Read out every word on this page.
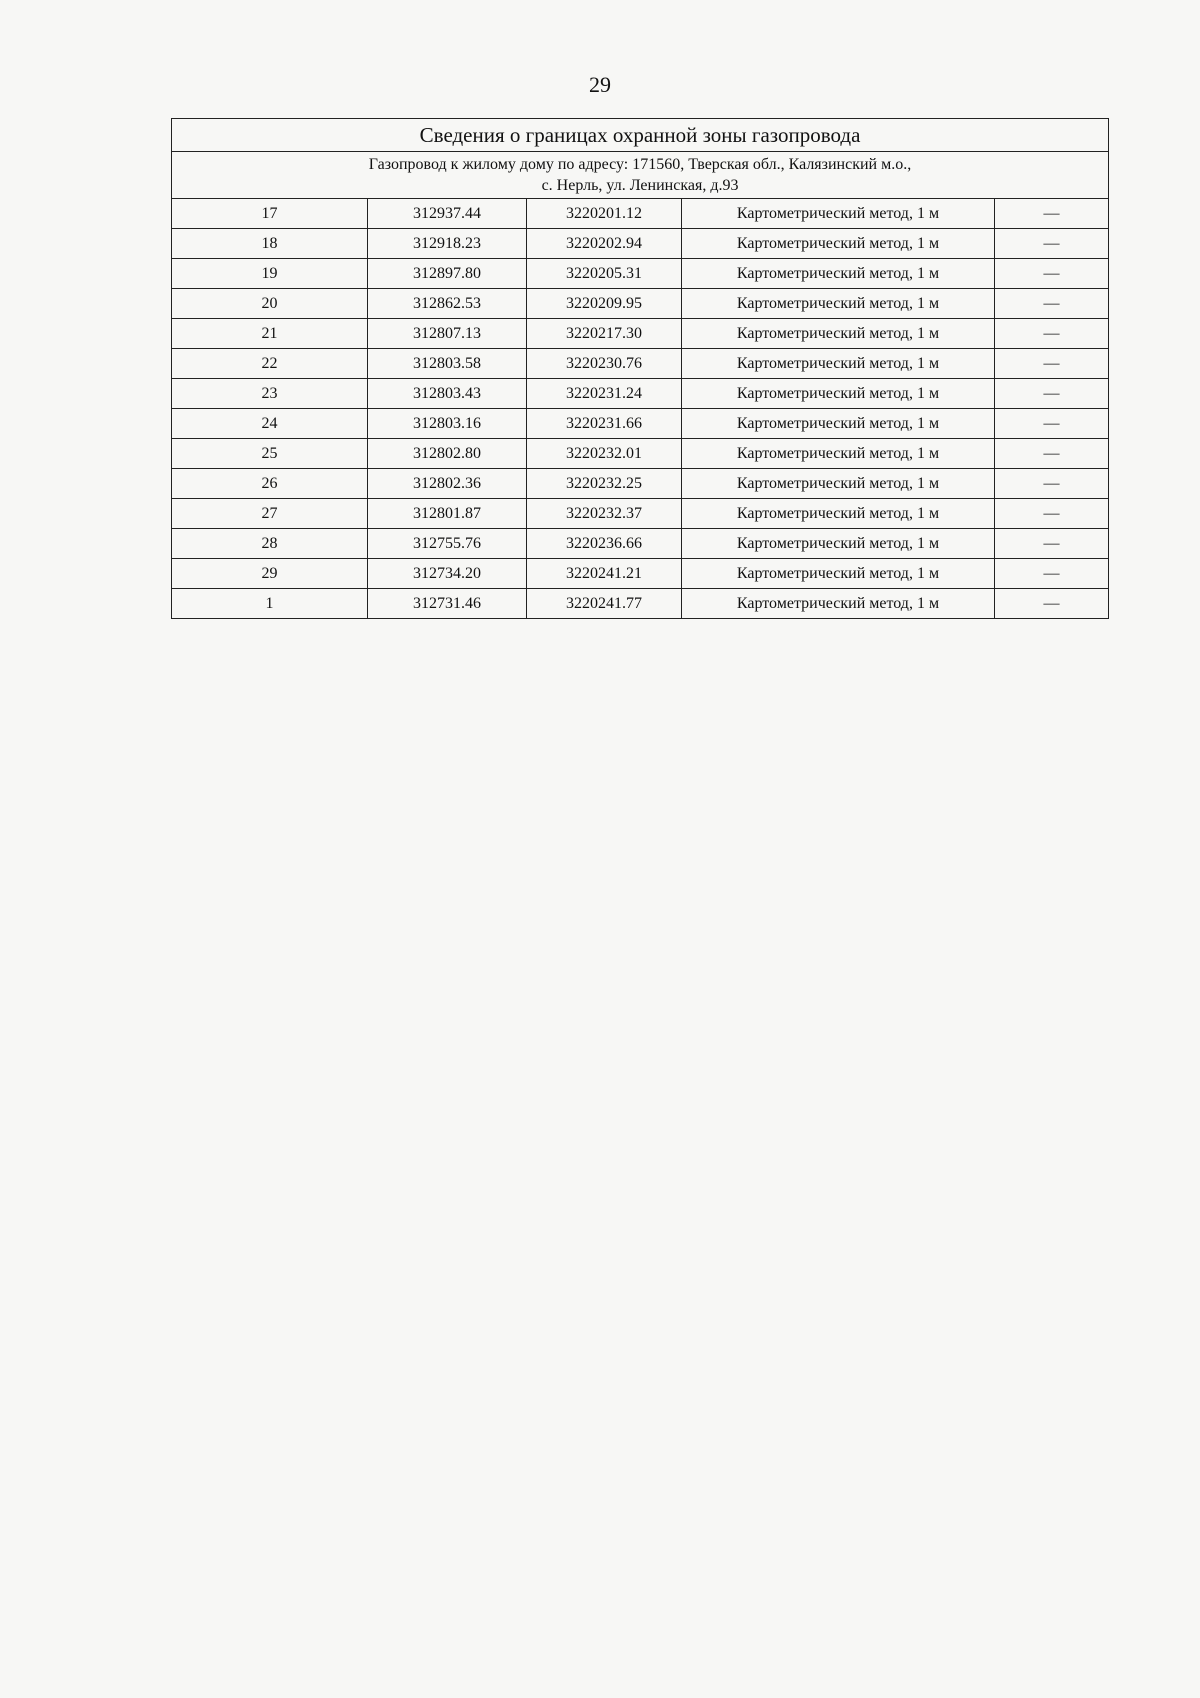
29
Сведения о границах охранной зоны газопровода				

Газопровод к жилому дому по адресу: 171560, Тверская обл., Калязинский м.о.,
с. Нерль, ул. Ленинская, д.93				

17	312937.44	3220201.12	Картометрический метод, 1 м	—
18	312918.23	3220202.94	Картометрический метод, 1 м	—
19	312897.80	3220205.31	Картометрический метод, 1 м	—
20	312862.53	3220209.95	Картометрический метод, 1 м	—
21	312807.13	3220217.30	Картометрический метод, 1 м	—
22	312803.58	3220230.76	Картометрический метод, 1 м	—
23	312803.43	3220231.24	Картометрический метод, 1 м	—
24	312803.16	3220231.66	Картометрический метод, 1 м	—
25	312802.80	3220232.01	Картометрический метод, 1 м	—
26	312802.36	3220232.25	Картометрический метод, 1 м	—
27	312801.87	3220232.37	Картометрический метод, 1 м	—
28	312755.76	3220236.66	Картометрический метод, 1 м	—
29	312734.20	3220241.21	Картометрический метод, 1 м	—
1	312731.46	3220241.77	Картометрический метод, 1 м	—
